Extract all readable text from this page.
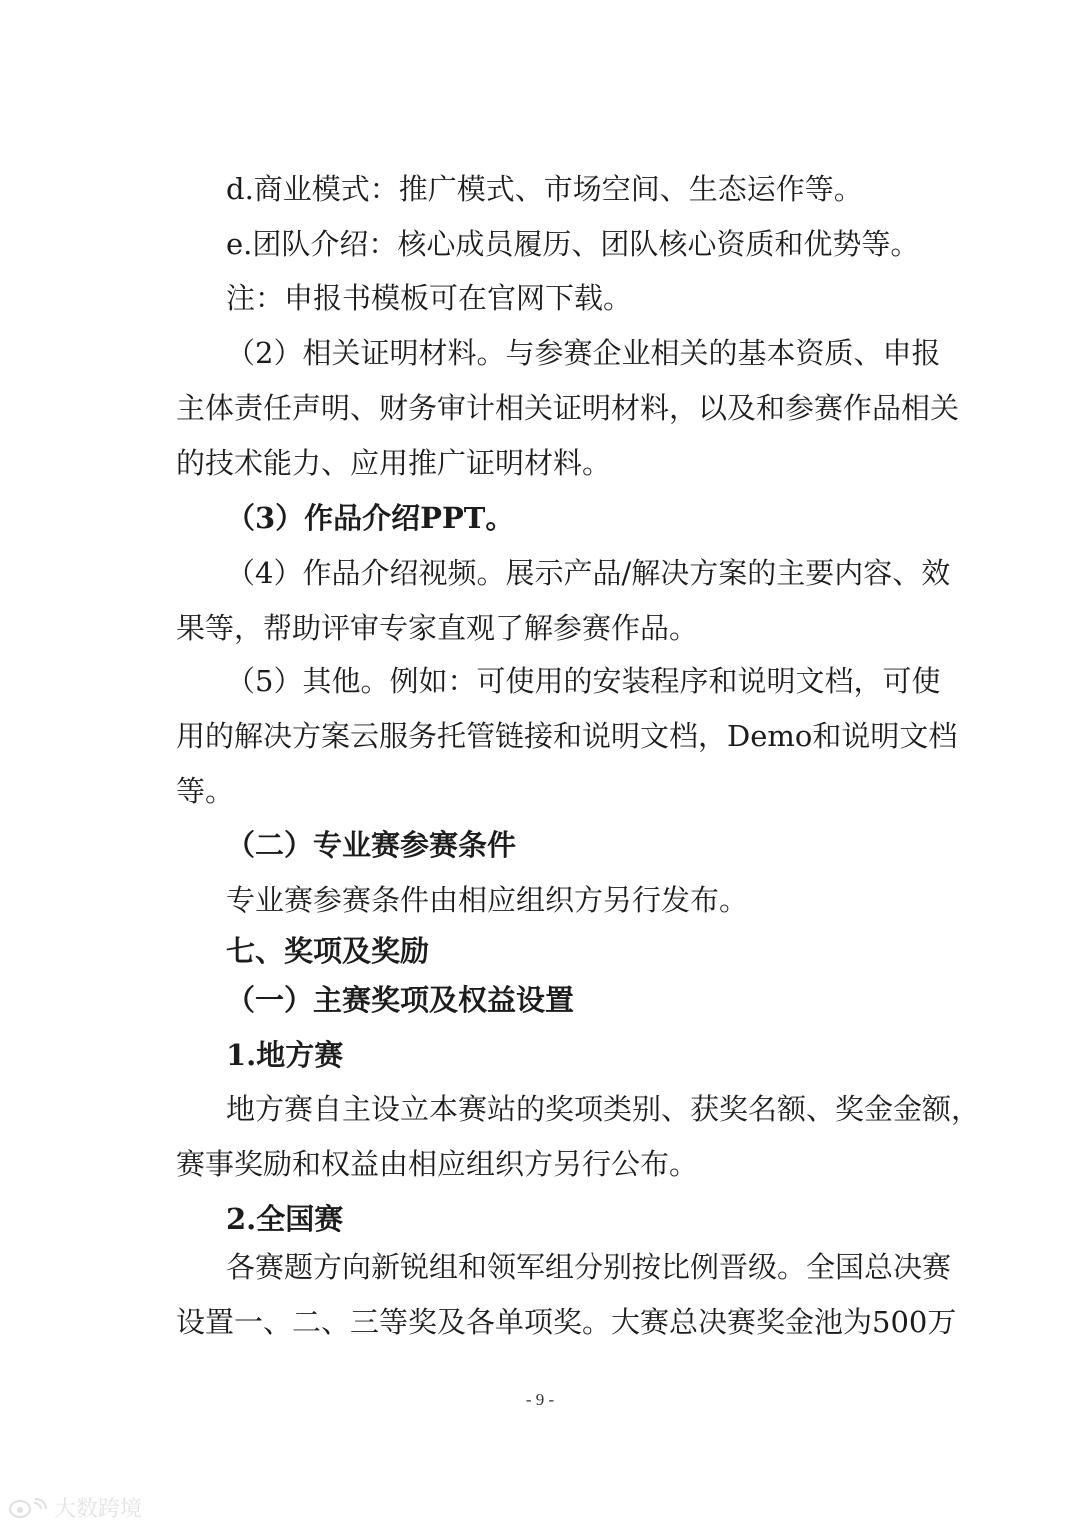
d.商业模式：推广模式、市场空间、生态运作等。

e.团队介绍：核心成员履历、团队核心资质和优势等。

注：申报书模板可在官网下载。

（2）相关证明材料。与参赛企业相关的基本资质、申报
主体责任声明、财务审计相关证明材料，以及和参赛作品相关
的技术能力、应用推广证明材料。

（3）作品介绍PPT。

（4）作品介绍视频。展示产品/解决方案的主要内容、效
果等，帮助评审专家直观了解参赛作品。

（5）其他。例如：可使用的安装程序和说明文档，可使
用的解决方案云服务托管链接和说明文档，Demo和说明文档
等。

（二）专业赛参赛条件

专业赛参赛条件由相应组织方另行发布。

七、奖项及奖励

（一）主赛奖项及权益设置

1.地方赛

地方赛自主设立本赛站的奖项类别、获奖名额、奖金金额，
赛事奖励和权益由相应组织方另行公布。

2.全国赛

各赛题方向新锐组和领军组分别按比例晋级。全国总决赛
设置一、二、三等奖及各单项奖。大赛总决赛奖金池为500万

- 9 -
大数跨境
